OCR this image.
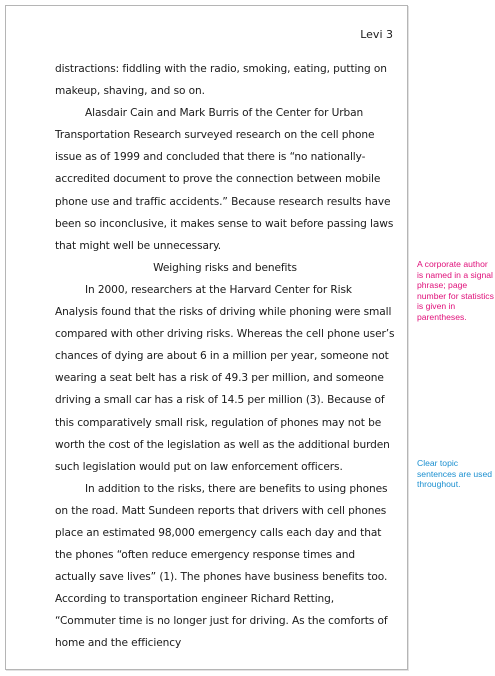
Levi 3

distractions: fiddling with the radio, smoking, eating, putting on makeup, shaving, and so on.

Alasdair Cain and Mark Burris of the Center for Urban Transportation Research surveyed research on the cell phone issue as of 1999 and concluded that there is “no nationally-accredited document to prove the connection between mobile phone use and traffic accidents.” Because research results have been so inconclusive, it makes sense to wait before passing laws that might well be unnecessary.

Weighing risks and benefits

In 2000, researchers at the Harvard Center for Risk Analysis found that the risks of driving while phoning were small compared with other driving risks. Whereas the cell phone user’s chances of dying are about 6 in a million per year, someone not wearing a seat belt has a risk of 49.3 per million, and someone driving a small car has a risk of 14.5 per million (3). Because of this comparatively small risk, regulation of phones may not be worth the cost of the legislation as well as the additional burden such legislation would put on law enforcement officers.

In addition to the risks, there are benefits to using phones on the road. Matt Sundeen reports that drivers with cell phones place an estimated 98,000 emergency calls each day and that the phones “often reduce emergency response times and actually save lives” (1). The phones have business benefits too. According to transportation engineer Richard Retting, “Commuter time is no longer just for driving. As the comforts of home and the efficiency

A corporate author is named in a signal phrase; page number for statistics is given in parentheses.
Clear topic sentences are used throughout.
